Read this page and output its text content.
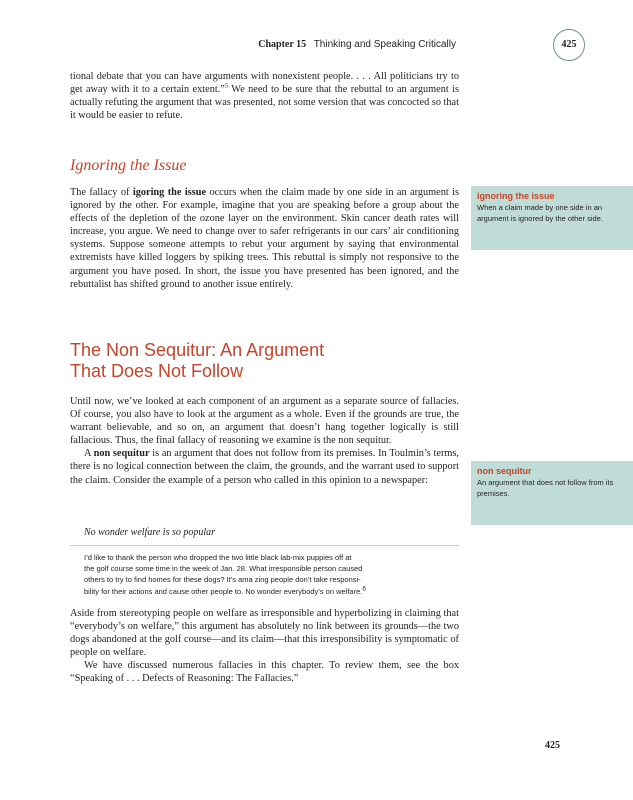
Chapter 15 Thinking and Speaking Critically	425

tional debate that you can have arguments with nonexistent people. . . . All politicians try to get away with it to a certain extent.”$^5$ We need to be sure that the rebuttal to an argument is actually refuting the argument that was presented, not some version that was concocted so that it would be easier to refute.

Ignoring the Issue

The fallacy of igoring the issue occurs when the claim made by one side in an argument is ignored by the other. For example, imagine that you are speaking before a group about the effects of the depletion of the ozone layer on the environment. Skin cancer death rates will increase, you argue. We need to change over to safer refrigerants in our cars’ air conditioning systems. Suppose someone attempts to rebut your argument by saying that environmental extremists have killed loggers by spiking trees. This rebuttal is simply not responsive to the argument you have posed. In short, the issue you have presented has been ignored, and the rebuttalist has shifted ground to another issue entirely.

ignoring the issue
When a claim made by one side in an argument is ignored by the other side.
The Non Sequitur: An Argument
That Does Not Follow

Until now, we’ve looked at each component of an argument as a separate source of fallacies. Of course, you also have to look at the argument as a whole. Even if the grounds are true, the warrant believable, and so on, an argument that doesn’t hang together logically is still fallacious. Thus, the final fallacy of reasoning we examine is the non sequitur.

A non sequitur is an argument that does not follow from its premises. In Toulmin’s terms, there is no logical connection between the claim, the grounds, and the warrant used to support the claim. Consider the example of a person who called in this opinion to a newspaper:

non sequitur
An argument that does not follow from its premises.
No wonder welfare is so popular
I’d like to thank the person who dropped the two little black lab-mix puppies off at
the golf course some time in the week of Jan. 28. What irresponsible person caused
others to try to find homes for these dogs? It’s ama zing people don’t take responsi-
bility for their actions and cause other people to. No wonder everybody’s on welfare.6

Aside from stereotyping people on welfare as irresponsible and hyperbolizing in claiming that “everybody’s on welfare,” this argument has absolutely no link between its grounds—the two dogs abandoned at the golf course—and its claim—that this irresponsibility is symptomatic of people on welfare.

We have discussed numerous fallacies in this chapter. To review them, see the box “Speaking of . . . Defects of Reasoning: The Fallacies.”

425
